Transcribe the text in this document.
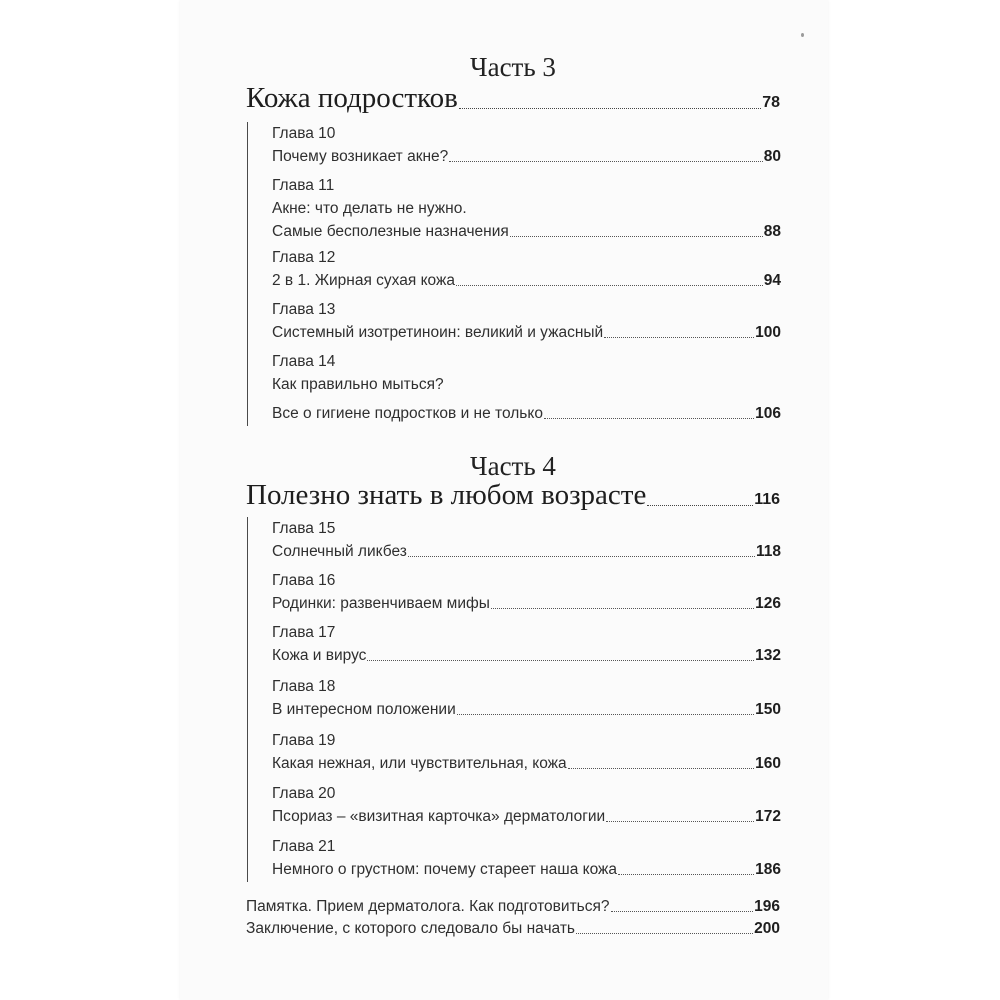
Часть 3
Кожа подростков	78
Глава 10
Почему возникает акне?	80
Глава 11
Акне: что делать не нужно.
Самые бесполезные назначения	88
Глава 12
2 в 1. Жирная сухая кожа	94
Глава 13
Системный изотретиноин: великий и ужасный	100
Глава 14
Как правильно мыться?
Все о гигиене подростков и не только	106
Часть 4
Полезно знать в любом возрасте	116
Глава 15
Солнечный ликбез	118
Глава 16
Родинки: развенчиваем мифы	126
Глава 17
Кожа и вирус	132
Глава 18
В интересном положении	150
Глава 19
Какая нежная, или чувствительная, кожа	160
Глава 20
Псориаз – «визитная карточка» дерматологии	172
Глава 21
Немного о грустном: почему стареет наша кожа	186
Памятка. Прием дерматолога. Как подготовиться?	196
Заключение, с которого следовало бы начать	200
